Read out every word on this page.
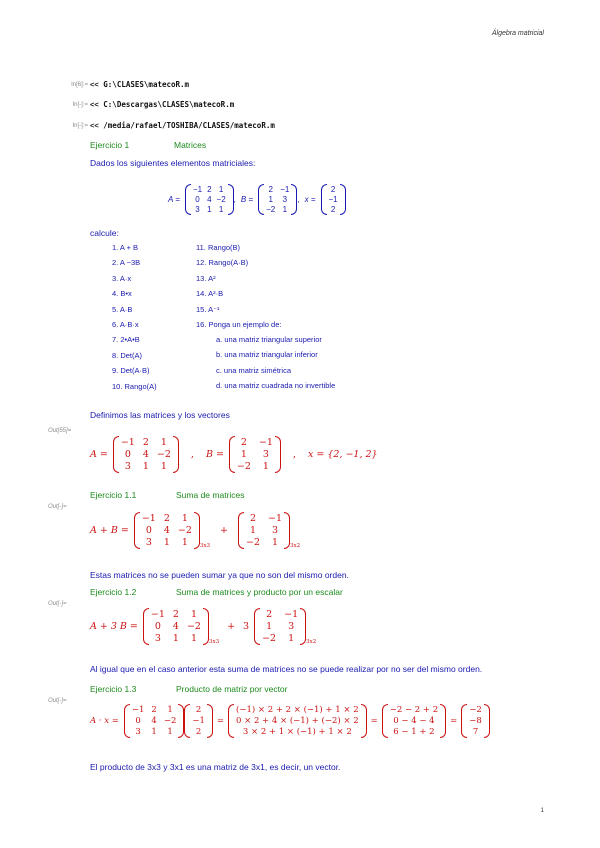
Álgebra matricial
In[6]:= << G:\CLASES\matecoR.m
In[-]:= << C:\Descargas\CLASES\matecoR.m
In[-]:= << /media/rafael/TOSHIBA/CLASES/matecoR.m
Ejercicio 1	Matrices
Dados los siguientes elementos matriciales:
A =
−1 2 1
0 4 −2
3 1 1
, B =
2 −1
1 3
−2 1
, x =
2
−1
2
calcule:
1. A + B
2. A −3B
3. A·x
4. B•x
5. A·B
6. A·B·x
7. 2•A•B
8. Det(A)
9. Det(A·B)
10. Rango(A)
11. Rango(B)
12. Rango(A·B)
13. A²
14. A²·B
15. A⁻¹
16. Ponga un ejemplo de:
a. una matriz triangular superior
b. una matriz triangular inferior
c. una matriz simétrica
d. una matriz cuadrada no invertible
Definimos las matrices y los vectores
Out[55]=
A =
−1 2	1
0	4 −2
3	1	1
, B =
2	−1
1	3
−2	1
, x = {2, −1, 2}
Ejercicio 1.1	Suma de matrices
Out[-]=
A + B =
−1 2	1
0	4 −2
3	1	1	3x3
+
2	−1
1	3
−2	1	3x2
Estas matrices no se pueden sumar ya que no son del mismo orden.
Ejercicio 1.2	Suma de matrices y producto por un escalar
Out[-]=
A + 3 B =
−1 2	1
0	4 −2
3	1	1	3x3
+ 3
2	−1
1	3
−2	1	3x2
Al igual que en el caso anterior esta suma de matrices no se puede realizar por no ser del mismo orden.
Ejercicio 1.3	Producto de matriz por vector
Out[-]=
A · x =
−1 2	1
0	4 −2
3	1	1
2
−1
2
=
(−1) × 2 + 2 × (−1) + 1 × 2
0 × 2 + 4 × (−1) + (−2) × 2
3 × 2 + 1 × (−1) + 1 × 2
=
−2 − 2 + 2
0 − 4 − 4
6 − 1 + 2
=
−2
−8
7
El producto de 3x3 y 3x1 es una matriz de 3x1, es decir, un vector.
1
